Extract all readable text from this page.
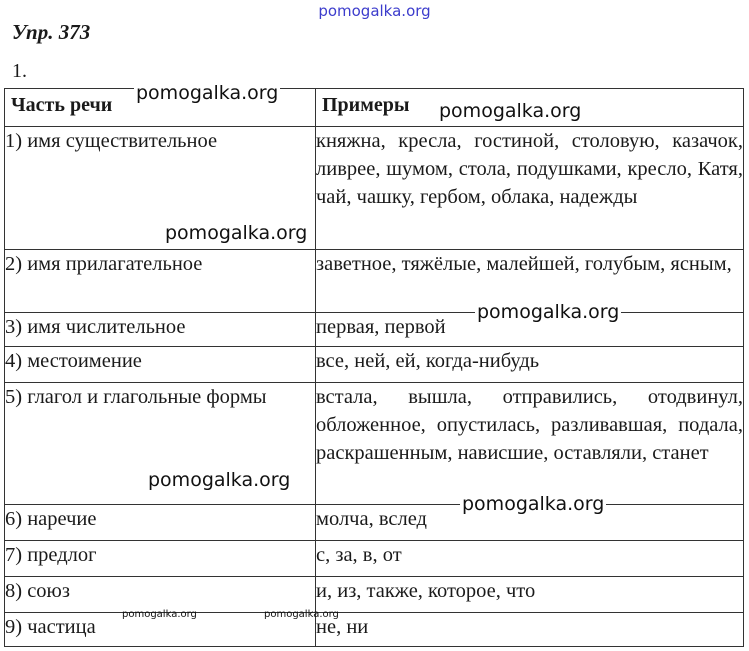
pomogalka.org
Упр. 373
1.
Часть речи	Примеры
1) имя существительное	княжна, кресла, гостиной, столовую, казачок, ливрее, шумом, стола, подушками, кресло, Катя, чай, чашку, гербом, облака, надежды
2) имя прилагательное	заветное, тяжёлые, малейшей, голубым, ясным,
3) имя числительное	первая, первой
4) местоимение	все, ней, ей, когда-нибудь
5) глагол и глагольные формы	встала, вышла, отправились, отодвинул, обложенное, опустилась, разливавшая, подала, раскрашенным, нависшие, оставляли, станет
6) наречие	молча, вслед
7) предлог	с, за, в, от
8) союз	и, из, также, которое, что
9) частица	не, ни
pomogalka.org
pomogalka.org
pomogalka.org
pomogalka.org
pomogalka.org
pomogalka.org
pomogalka.org	pomogalka.org
